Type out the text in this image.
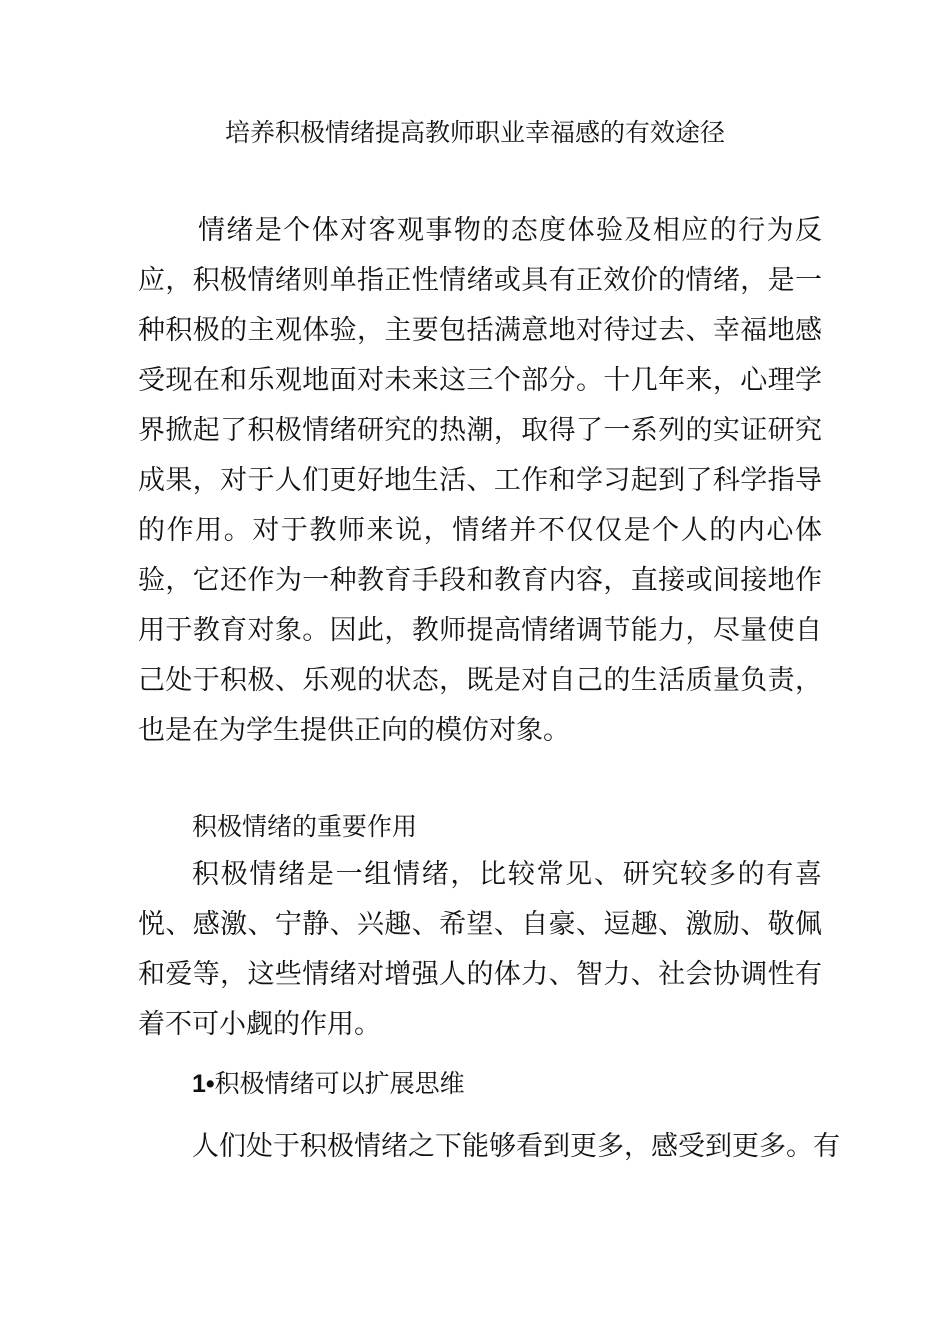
培养积极情绪提高教师职业幸福感的有效途径

情绪是个体对客观事物的态度体验及相应的行为反应，积极情绪则单指正性情绪或具有正效价的情绪，是一种积极的主观体验，主要包括满意地对待过去、幸福地感受现在和乐观地面对未来这三个部分。十几年来，心理学界掀起了积极情绪研究的热潮，取得了一系列的实证研究成果，对于人们更好地生活、工作和学习起到了科学指导的作用。对于教师来说，情绪并不仅仅是个人的内心体验，它还作为一种教育手段和教育内容，直接或间接地作用于教育对象。因此，教师提高情绪调节能力，尽量使自己处于积极、乐观的状态，既是对自己的生活质量负责，也是在为学生提供正向的模仿对象。

积极情绪的重要作用

积极情绪是一组情绪，比较常见、研究较多的有喜悦、感激、宁静、兴趣、希望、自豪、逗趣、激励、敬佩和爱等，这些情绪对增强人的体力、智力、社会协调性有着不可小觑的作用。

1•积极情绪可以扩展思维

人们处于积极情绪之下能够看到更多，感受到更多。有
